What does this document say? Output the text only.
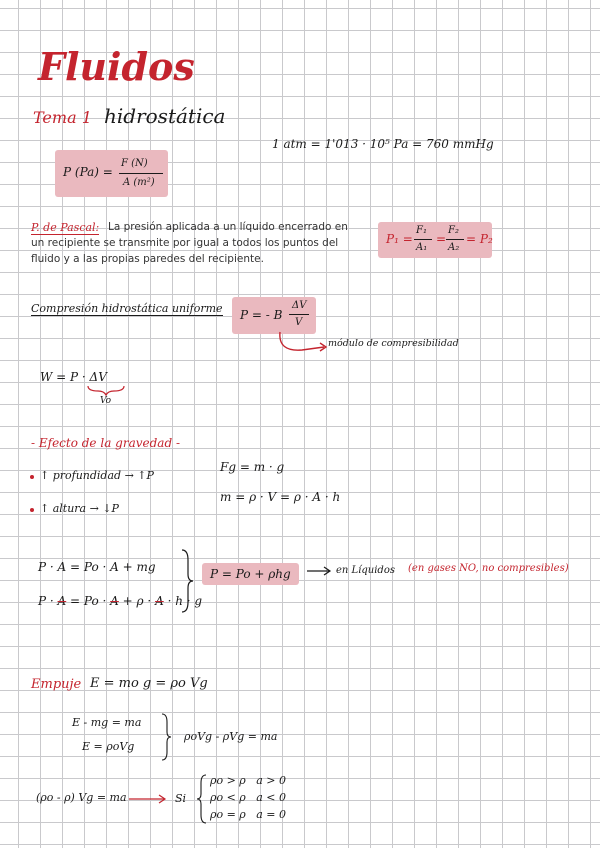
Fluidos
Tema 1 hidrostática
1 atm = 1'013 · 10⁵ Pa = 760 mmHg
P (Pa) =
F (N)
A (m²)
P. de Pascal: La presión aplicada a un líquido encerrado en
un recipiente se transmite por igual a todos los puntos del
fluido y a las propias paredes del recipiente.
P₁ =
F₁
A₁
=
F₂
A₂
= P₂
Compresión hidrostática uniforme P = - B
ΔV
V
módulo de compresibilidad
W = P · ΔV
Vo
- Efecto de la gravedad -
↑ profundidad → ↑P
↑ altura → ↓P
Fg = m · g
m = ρ · V = ρ · A · h
P · A = Po · A + mg
P · A = Po · A + ρ · A · h · g
P = Po + ρhg	en Líquidos (en gases NO, no compresibles)
Empuje E = mo g = ρo Vg
E - mg = ma
E = ρoVg
ρoVg - ρVg = ma
(ρo - ρ) Vg = ma	Si
ρo > ρ   a > 0
ρo < ρ   a < 0
ρo = ρ   a = 0
